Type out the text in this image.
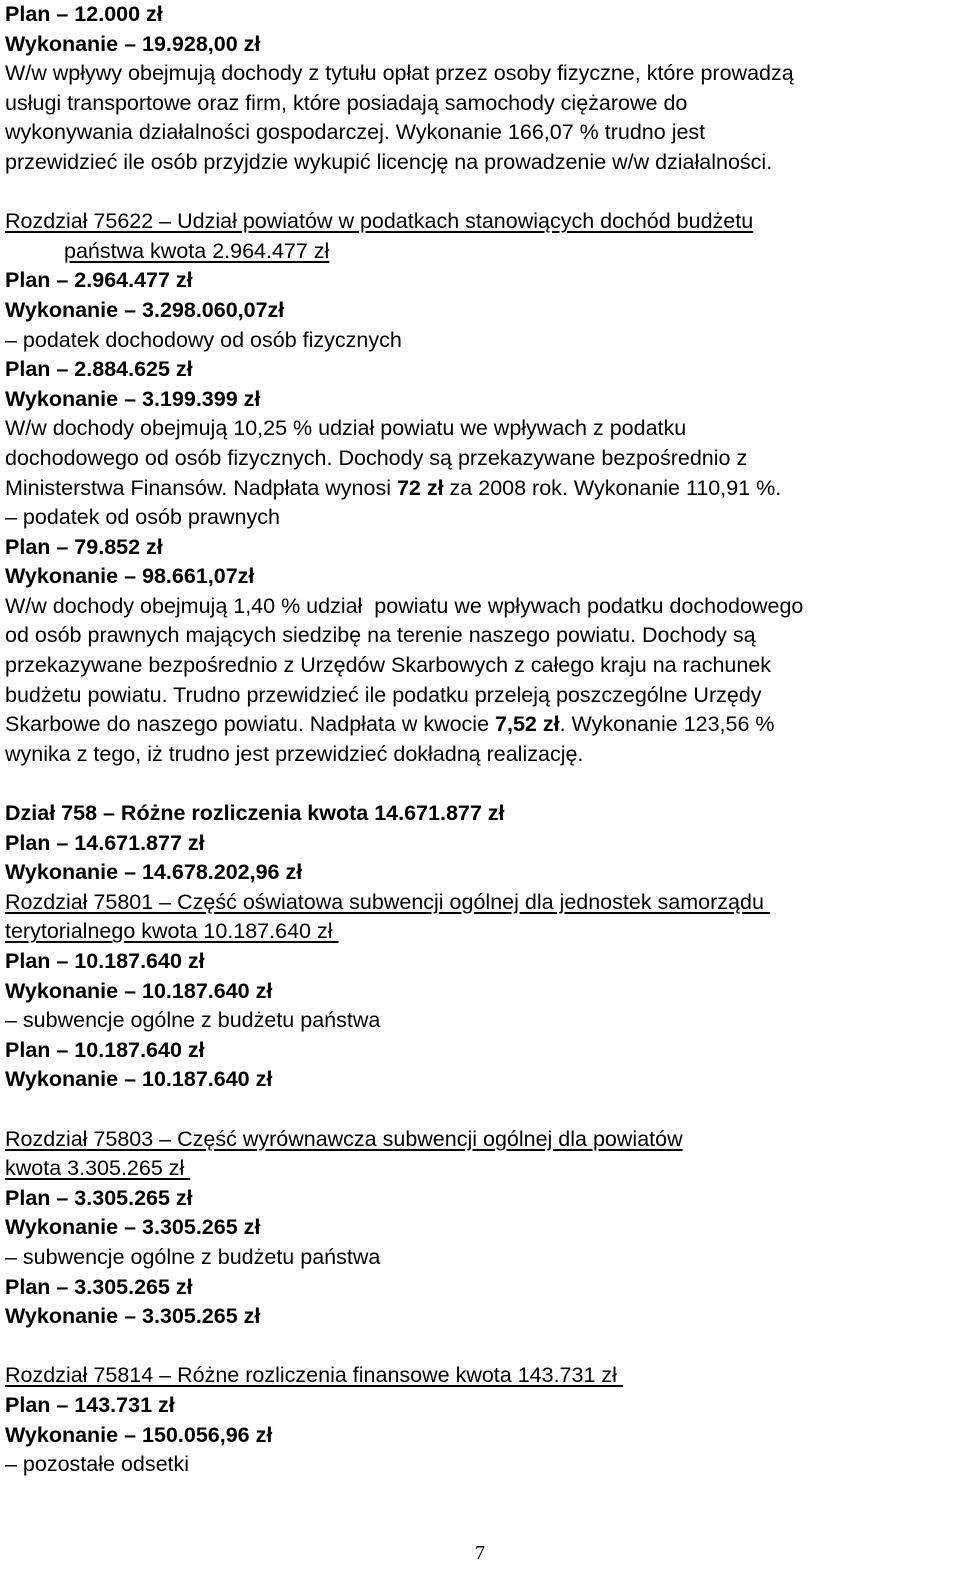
Plan – 12.000 zł
Wykonanie – 19.928,00 zł
W/w wpływy obejmują dochody z tytułu opłat przez osoby fizyczne, które prowadzą
usługi transportowe oraz firm, które posiadają samochody ciężarowe do
wykonywania działalności gospodarczej. Wykonanie 166,07 % trudno jest
przewidzieć ile osób przyjdzie wykupić licencję na prowadzenie w/w działalności.
Rozdział 75622 – Udział powiatów w podatkach stanowiących dochód budżetu
państwa kwota 2.964.477 zł
Plan – 2.964.477 zł
Wykonanie – 3.298.060,07zł
– podatek dochodowy od osób fizycznych
Plan – 2.884.625 zł
Wykonanie – 3.199.399 zł
W/w dochody obejmują 10,25 % udział powiatu we wpływach z podatku
dochodowego od osób fizycznych. Dochody są przekazywane bezpośrednio z
Ministerstwa Finansów. Nadpłata wynosi 72 zł za 2008 rok. Wykonanie 110,91 %.
– podatek od osób prawnych
Plan – 79.852 zł
Wykonanie – 98.661,07zł
W/w dochody obejmują 1,40 % udział  powiatu we wpływach podatku dochodowego
od osób prawnych mających siedzibę na terenie naszego powiatu. Dochody są
przekazywane bezpośrednio z Urzędów Skarbowych z całego kraju na rachunek
budżetu powiatu. Trudno przewidzieć ile podatku przeleją poszczególne Urzędy
Skarbowe do naszego powiatu. Nadpłata w kwocie 7,52 zł. Wykonanie 123,56 %
wynika z tego, iż trudno jest przewidzieć dokładną realizację.
Dział 758 – Różne rozliczenia kwota 14.671.877 zł
Plan – 14.671.877 zł
Wykonanie – 14.678.202,96 zł
Rozdział 75801 – Część oświatowa subwencji ogólnej dla jednostek samorządu
terytorialnego kwota 10.187.640 zł
Plan – 10.187.640 zł
Wykonanie – 10.187.640 zł
– subwencje ogólne z budżetu państwa
Plan – 10.187.640 zł
Wykonanie – 10.187.640 zł
Rozdział 75803 – Część wyrównawcza subwencji ogólnej dla powiatów
kwota 3.305.265 zł
Plan – 3.305.265 zł
Wykonanie – 3.305.265 zł
– subwencje ogólne z budżetu państwa
Plan – 3.305.265 zł
Wykonanie – 3.305.265 zł
Rozdział 75814 – Różne rozliczenia finansowe kwota 143.731 zł
Plan – 143.731 zł
Wykonanie – 150.056,96 zł
– pozostałe odsetki
7
